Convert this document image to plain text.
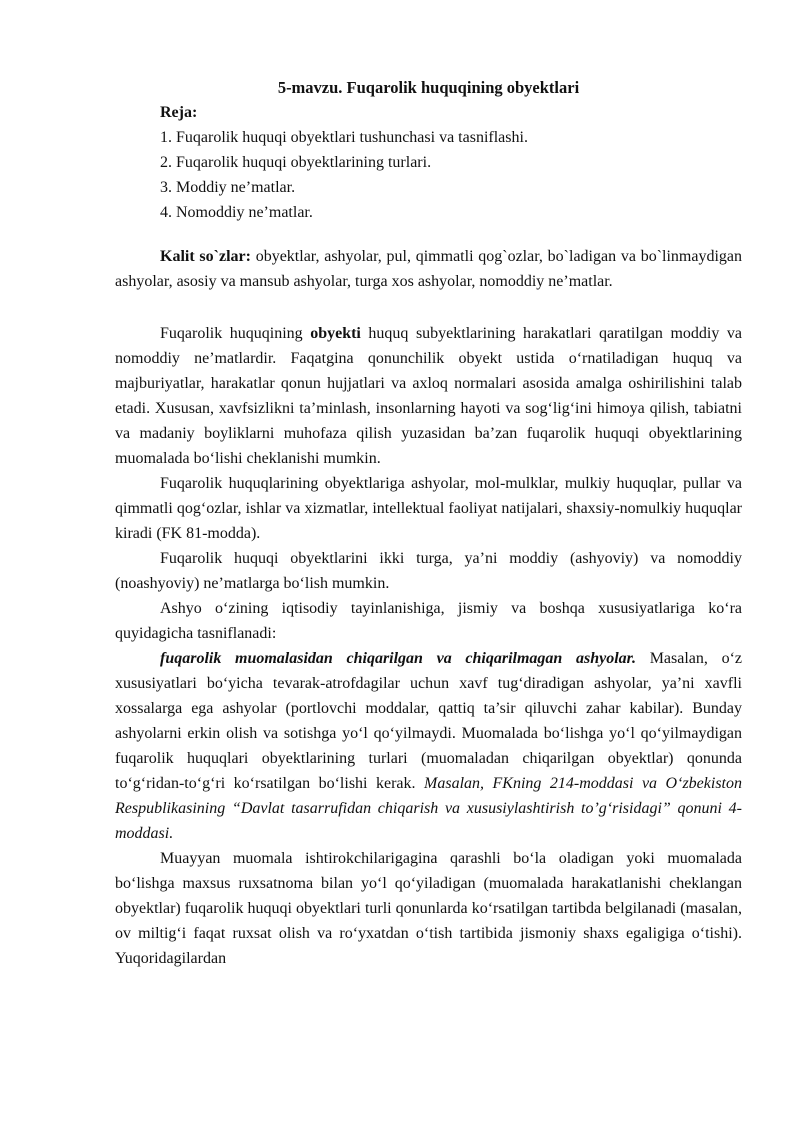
5-mavzu. Fuqarolik huquqining obyektlari
Reja:
1. Fuqarolik huquqi obyektlari tushunchasi va tasniflashi.
2. Fuqarolik huquqi obyektlarining turlari.
3. Moddiy ne’matlar.
4. Nomoddiy ne’matlar.

Kalit so`zlar: obyektlar, ashyolar, pul, qimmatli qog`ozlar, bo`ladigan va bo`linmaydigan ashyolar, asosiy va mansub ashyolar, turga xos ashyolar, nomoddiy ne’matlar.

Fuqarolik huquqining obyekti huquq subyektlarining harakatlari qaratilgan moddiy va nomoddiy ne’matlardir. Faqatgina qonunchilik obyekt ustida o‘rnatiladigan huquq va majburiyatlar, harakatlar qonun hujjatlari va axloq normalari asosida amalga oshirilishini talab etadi. Xususan, xavfsizlikni ta’minlash, insonlarning hayoti va sog‘lig‘ini himoya qilish, tabiatni va madaniy boyliklarni muhofaza qilish yuzasidan ba’zan fuqarolik huquqi obyektlarining muomalada bo‘lishi cheklanishi mumkin.

Fuqarolik huquqlarining obyektlariga ashyolar, mol-mulklar, mulkiy huquqlar, pullar va qimmatli qog‘ozlar, ishlar va xizmatlar, intellektual faoliyat natijalari, shaxsiy-nomulkiy huquqlar kiradi (FK 81-modda).

Fuqarolik huquqi obyektlarini ikki turga, ya’ni moddiy (ashyoviy) va nomoddiy (noashyoviy) ne’matlarga bo‘lish mumkin.

Ashyo o‘zining iqtisodiy tayinlanishiga, jismiy va boshqa xususiyatlariga ko‘ra quyidagicha tasniflanadi:

fuqarolik muomalasidan chiqarilgan va chiqarilmagan ashyolar. Masalan, o‘z xususiyatlari bo‘yicha tevarak-atrofdagilar uchun xavf tug‘diradigan ashyolar, ya’ni xavfli xossalarga ega ashyolar (portlovchi moddalar, qattiq ta’sir qiluvchi zahar kabilar). Bunday ashyolarni erkin olish va sotishga yo‘l qo‘yilmaydi. Muomalada bo‘lishga yo‘l qo‘yilmaydigan fuqarolik huquqlari obyektlarining turlari (muomaladan chiqarilgan obyektlar) qonunda to‘g‘ridan-to‘g‘ri ko‘rsatilgan bo‘lishi kerak. Masalan, FKning 214-moddasi va O‘zbekiston Respublikasining “Davlat tasarrufidan chiqarish va xususiylashtirish to’g‘risidagi” qonuni 4-moddasi.

Muayyan muomala ishtirokchilarigagina qarashli bo‘la oladigan yoki muomalada bo‘lishga maxsus ruxsatnoma bilan yo‘l qo‘yiladigan (muomalada harakatlanishi cheklangan obyektlar) fuqarolik huquqi obyektlari turli qonunlarda ko‘rsatilgan tartibda belgilanadi (masalan, ov miltig‘i faqat ruxsat olish va ro‘yxatdan o‘tish tartibida jismoniy shaxs egaligiga o‘tishi). Yuqoridagilardan
